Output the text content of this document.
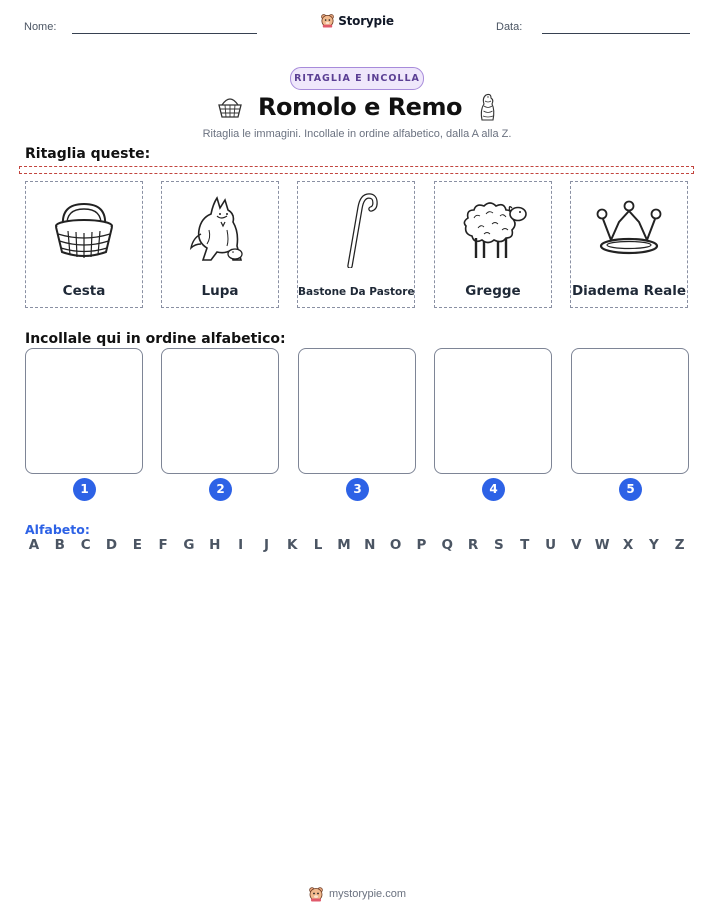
Nome:	Storypie	Data:
RITAGLIA E INCOLLA
Romolo e Remo
Ritaglia le immagini. Incollale in ordine alfabetico, dalla A alla Z.
Ritaglia queste:
Cesta	Lupa	Bastone Da Pastore	Gregge	Diadema Reale
Incollale qui in ordine alfabetico:
1	2	3	4	5
Alfabeto:
A B C D	E	F	G H	I	J	K	L	M N O P Q R	S	T	U V W X	Y	Z
mystorypie.com
